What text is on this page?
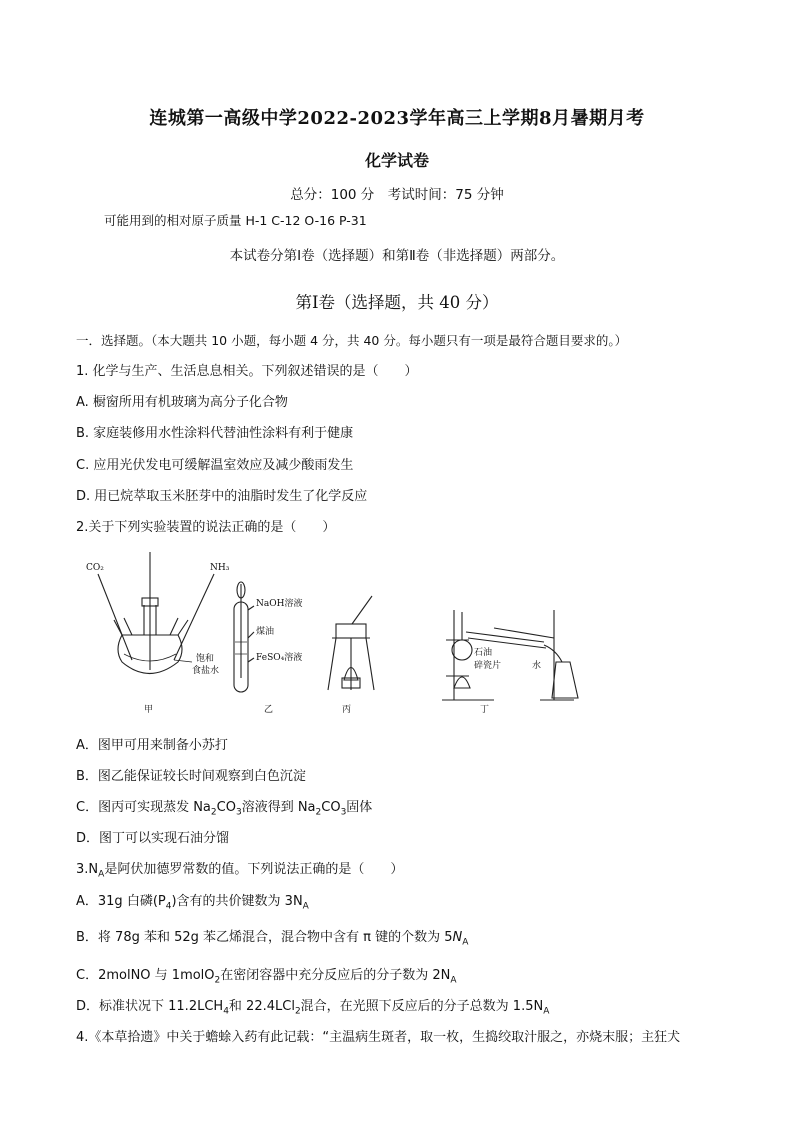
连城第一高级中学2022-2023学年高三上学期8月暑期月考
化学试卷
总分：100 分　考试时间：75 分钟
可能用到的相对原子质量 H-1 C-12 O-16 P-31
本试卷分第Ⅰ卷（选择题）和第Ⅱ卷（非选择题）两部分。
第Ⅰ卷（选择题，共 40 分）
一．选择题。（本大题共 10 小题，每小题 4 分，共 40 分。每小题只有一项是最符合题目要求的。）
1. 化学与生产、生活息息相关。下列叙述错误的是（　　）
A. 橱窗所用有机玻璃为高分子化合物
B. 家庭装修用水性涂料代替油性涂料有利于健康
C. 应用光伏发电可缓解温室效应及减少酸雨发生
D. 用已烷萃取玉米胚芽中的油脂时发生了化学反应
2.关于下列实验装置的说法正确的是（　　）
CO₂	NH₃
饱和
食盐水
NaOH溶液
煤油
FeSO₄溶液	石油
碎瓷片	水
甲	乙	丙	丁
A．图甲可用来制备小苏打
B．图乙能保证较长时间观察到白色沉淀
C．图丙可实现蒸发 $Na_2CO_3$溶液得到 $Na_2CO_3$固体
D．图丁可以实现石油分馏
$3.N_A$是阿伏加德罗常数的值。下列说法正确的是（　　）
A．31g 白磷$(P_4)$含有的共价键数为 $3N_A$
B．将 78g 苯和 52g 苯乙烯混合，混合物中含有 π 键的个数为 $5N_A$
C．2molNO 与 1molO$_2$在密闭容器中充分反应后的分子数为 $2N_A$
D．标准状况下 $11.2LCH_4$和 22.4LCl$_2$混合，在光照下反应后的分子总数为 $1.5N_A$
4.《本草拾遗》中关于蟾蜍入药有此记载：“主温病生斑者，取一枚，生捣绞取汁服之，亦烧末服；主狂犬
